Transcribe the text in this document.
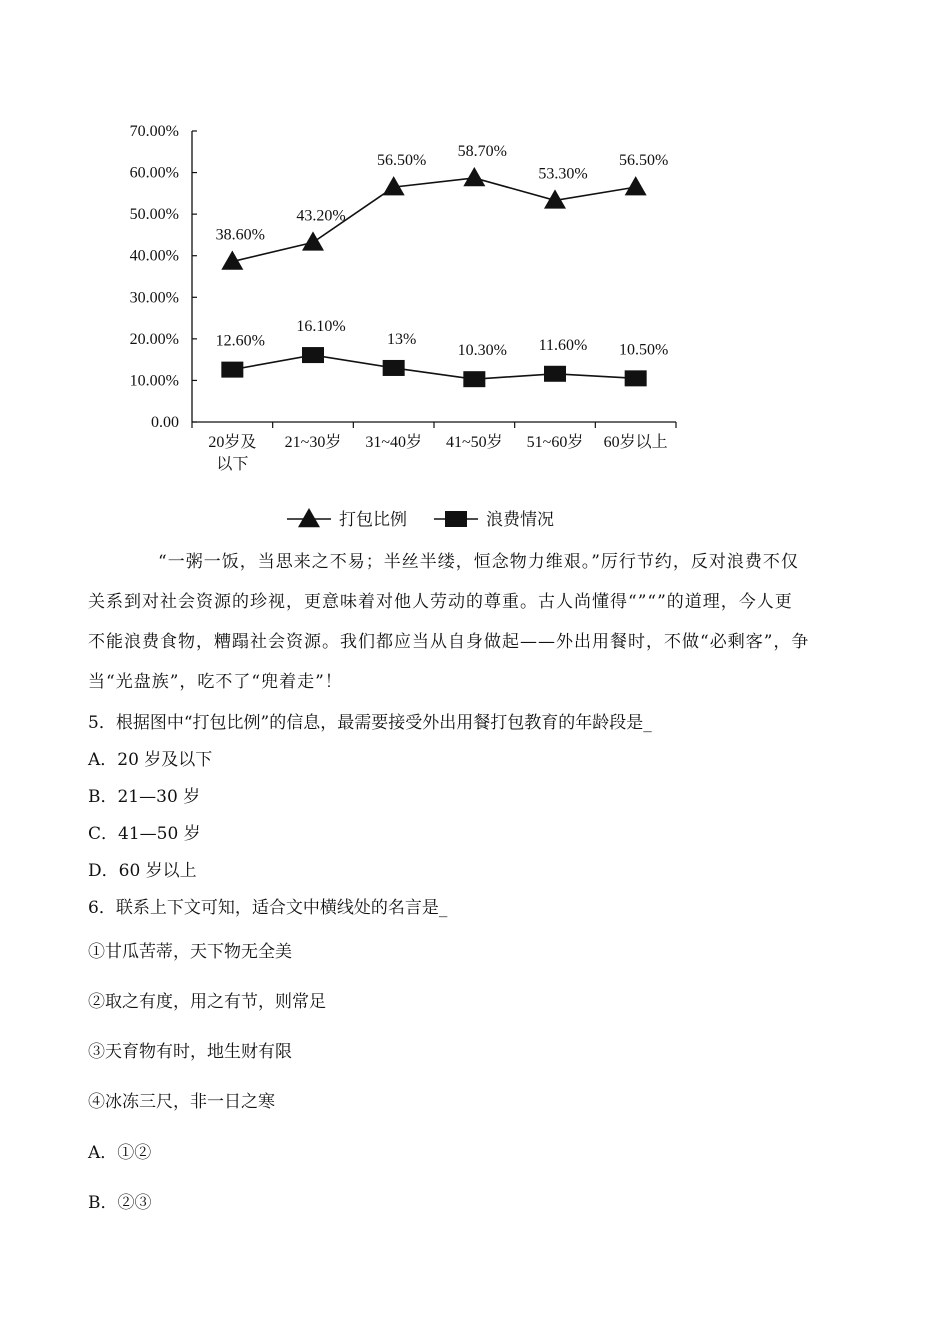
0.00
10.00%
20.00%
30.00%
40.00%
50.00%
60.00%
70.00%
20岁及
以下
21~30岁 31~40岁 41~50岁 51~60岁 60岁以上
38.60%
43.20%
56.50%
58.70%
53.30%
56.50%
12.60%
16.10%
13%
10.30% 11.60% 10.50%
打包比例	浪费情况

“一粥一饭，当思来之不易；半丝半缕，恒念物力维艰。”厉行节约，反对浪费不仅

关系到对社会资源的珍视，更意味着对他人劳动的尊重。古人尚懂得“”“”的道理，今人更

不能浪费食物，糟蹋社会资源。我们都应当从自身做起——外出用餐时，不做“必剩客”，争

当“光盘族”，吃不了“兜着走”！

5．根据图中“打包比例”的信息，最需要接受外出用餐打包教育的年龄段是_
A．20 岁及以下
B．21—30 岁
C．41—50 岁
D．60 岁以上
6．联系上下文可知，适合文中横线处的名言是_
①甘瓜苦蒂，天下物无全美
②取之有度，用之有节，则常足
③天育物有时，地生财有限
④冰冻三尺，非一日之寒
A．①②
B．②③
